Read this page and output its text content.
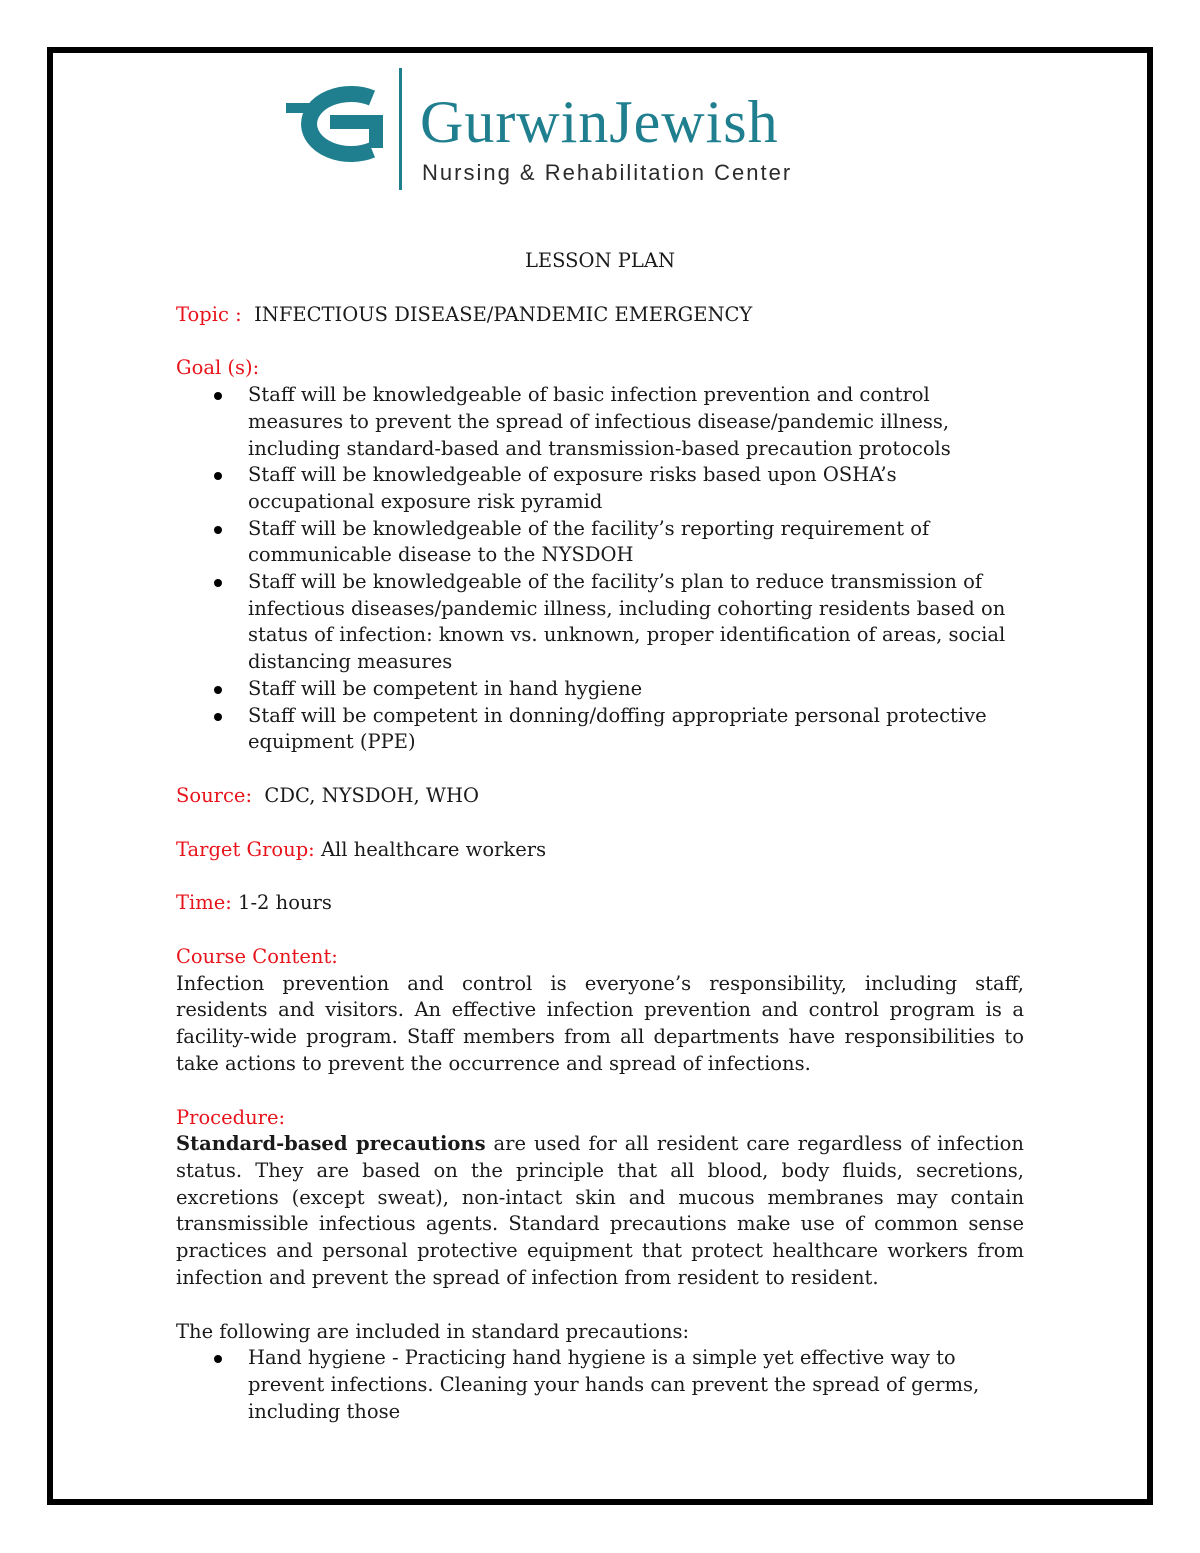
GurwinJewish
Nursing & Rehabilitation Center

LESSON PLAN

Topic : INFECTIOUS DISEASE/PANDEMIC EMERGENCY

Goal (s):

Staff will be knowledgeable of basic infection prevention and control measures to prevent the spread of infectious disease/pandemic illness, including standard-based and transmission-based precaution protocols
Staff will be knowledgeable of exposure risks based upon OSHA’s occupational exposure risk pyramid
Staff will be knowledgeable of the facility’s reporting requirement of communicable disease to the NYSDOH
Staff will be knowledgeable of the facility’s plan to reduce transmission of infectious diseases/pandemic illness, including cohorting residents based on status of infection: known vs. unknown, proper identification of areas, social distancing measures
Staff will be competent in hand hygiene
Staff will be competent in donning/doffing appropriate personal protective equipment (PPE)

Source: CDC, NYSDOH, WHO

Target Group: All healthcare workers

Time: 1-2 hours

Course Content:

Infection prevention and control is everyone’s responsibility, including staff, residents and visitors. An effective infection prevention and control program is a facility-wide program. Staff members from all departments have responsibilities to take actions to prevent the occurrence and spread of infections.

Procedure:

Standard-based precautions are used for all resident care regardless of infection status. They are based on the principle that all blood, body fluids, secretions, excretions (except sweat), non-intact skin and mucous membranes may contain transmissible infectious agents. Standard precautions make use of common sense practices and personal protective equipment that protect healthcare workers from infection and prevent the spread of infection from resident to resident.

The following are included in standard precautions:

Hand hygiene - Practicing hand hygiene is a simple yet effective way to prevent infections. Cleaning your hands can prevent the spread of germs, including those
